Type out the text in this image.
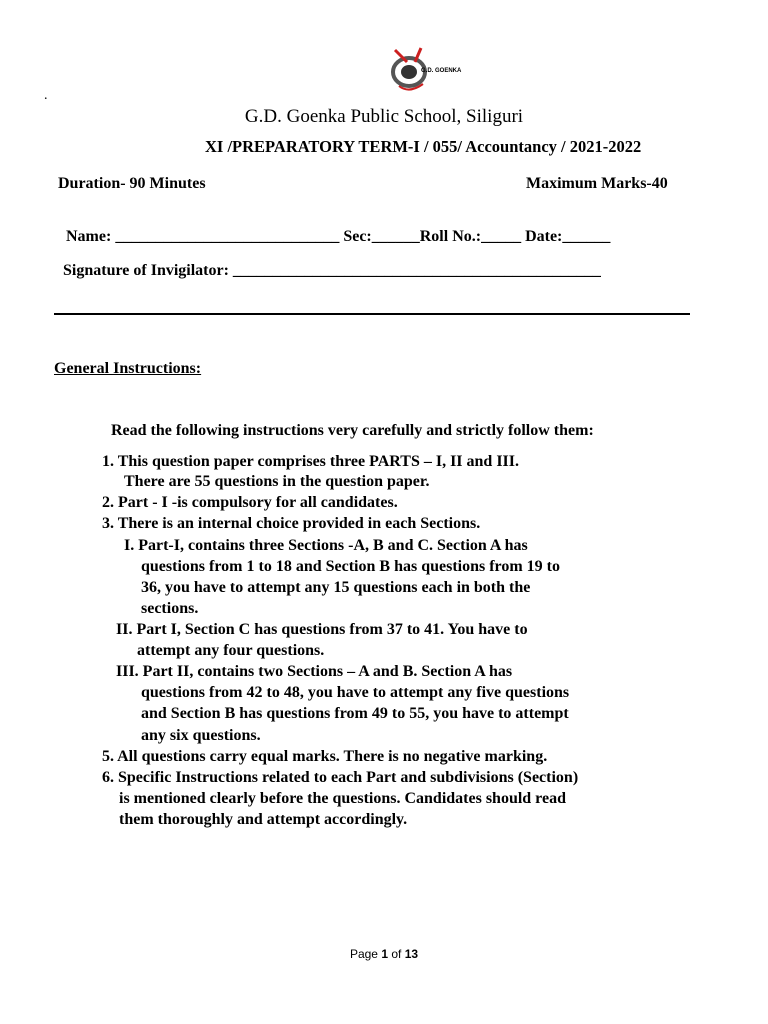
G.D. GOENKA
.
G.D. Goenka Public School, Siliguri
XI /PREPARATORY TERM-I / 055/ Accountancy / 2021-2022
Duration- 90 Minutes	Maximum Marks-40
Name: ____________________________ Sec:______Roll No.:_____ Date:______
Signature of Invigilator: ______________________________________________
General Instructions:
Read the following instructions very carefully and strictly follow them:
1. This question paper comprises three PARTS – I, II and III.
There are 55 questions in the question paper.
2. Part - I -is compulsory for all candidates.
3. There is an internal choice provided in each Sections.
I. Part-I, contains three Sections -A, B and C. Section A has
questions from 1 to 18 and Section B has questions from 19 to
36, you have to attempt any 15 questions each in both the
sections.
II. Part I, Section C has questions from 37 to 41. You have to
attempt any four questions.
III. Part II, contains two Sections – A and B. Section A has
questions from 42 to 48, you have to attempt any five questions
and Section B has questions from 49 to 55, you have to attempt
any six questions.
5. All questions carry equal marks. There is no negative marking.
6. Specific Instructions related to each Part and subdivisions (Section)
is mentioned clearly before the questions. Candidates should read
them thoroughly and attempt accordingly.
Page 1 of 13
